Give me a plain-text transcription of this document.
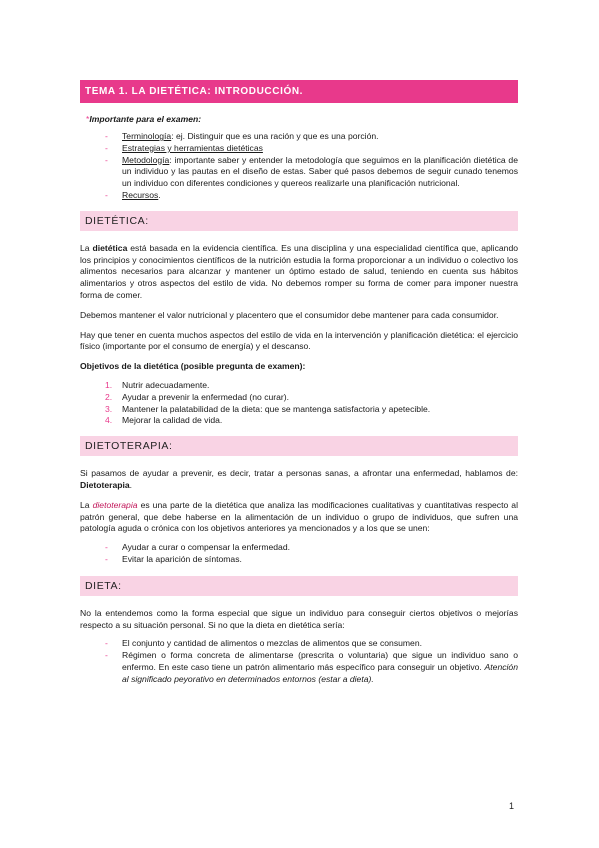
TEMA 1. LA DIETÉTICA: INTRODUCCIÓN.
*Importante para el examen:
- Terminología: ej. Distinguir que es una ración y que es una porción.
- Estrategias y herramientas dietéticas
- Metodología: importante saber y entender la metodología que seguimos en la planificación dietética de un individuo y las pautas en el diseño de estas. Saber qué pasos debemos de seguir cunado tenemos un individuo con diferentes condiciones y quereos realizarle una planificación nutricional.
- Recursos.
DIETÉTICA:

La dietética está basada en la evidencia científica. Es una disciplina y una especialidad científica que, aplicando los principios y conocimientos científicos de la nutrición estudia la forma proporcionar a un individuo o colectivo los alimentos necesarios para alcanzar y mantener un óptimo estado de salud, teniendo en cuenta sus hábitos alimentarios y otros aspectos del estilo de vida. No debemos romper su forma de comer para imponer nuestra forma de comer.

Debemos mantener el valor nutricional y placentero que el consumidor debe mantener para cada consumidor.

Hay que tener en cuenta muchos aspectos del estilo de vida en la intervención y planificación dietética: el ejercicio físico (importante por el consumo de energía) y el descanso.

Objetivos de la dietética (posible pregunta de examen):

1. Nutrir adecuadamente.
2. Ayudar a prevenir la enfermedad (no curar).
3. Mantener la palatabilidad de la dieta: que se mantenga satisfactoria y apetecible.
4. Mejorar la calidad de vida.
DIETOTERAPIA:

Si pasamos de ayudar a prevenir, es decir, tratar a personas sanas, a afrontar una enfermedad, hablamos de: Dietoterapia.

La dietoterapia es una parte de la dietética que analiza las modificaciones cualitativas y cuantitativas respecto al patrón general, que debe haberse en la alimentación de un individuo o grupo de individuos, que sufren una patología aguda o crónica con los objetivos anteriores ya mencionados y a los que se unen:

- Ayudar a curar o compensar la enfermedad.
- Evitar la aparición de síntomas.
DIETA:

No la entendemos como la forma especial que sigue un individuo para conseguir ciertos objetivos o mejorías respecto a su situación personal. Si no que la dieta en dietética sería:

- El conjunto y cantidad de alimentos o mezclas de alimentos que se consumen.
- Régimen o forma concreta de alimentarse (prescrita o voluntaria) que sigue un individuo sano o enfermo. En este caso tiene un patrón alimentario más específico para conseguir un objetivo. Atención al significado peyorativo en determinados entornos (estar a dieta).
1
